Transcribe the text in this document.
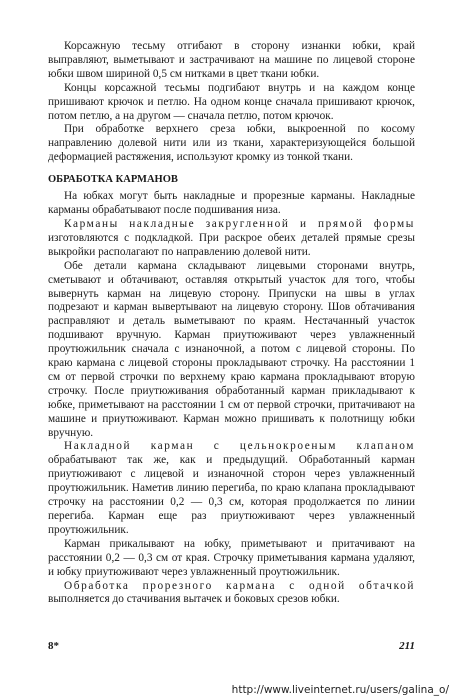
Корсажную тесьму отгибают в сторону изнанки юбки, край выправляют, выметывают и застрачивают на машине по лицевой стороне юбки швом шириной 0,5 см нитками в цвет ткани юбки.

Концы корсажной тесьмы подгибают внутрь и на каждом конце пришивают крючок и петлю. На одном конце сначала пришивают крючок, потом петлю, а на другом — сначала петлю, потом крючок.

При обработке верхнего среза юбки, выкроенной по косому направлению долевой нити или из ткани, характеризующейся большой деформацией растяжения, используют кромку из тонкой ткани.

ОБРАБОТКА КАРМАНОВ

На юбках могут быть накладные и прорезные карманы. Накладные карманы обрабатывают после подшивания низа.

Карманы накладные закругленной и прямой формы изготовляются с подкладкой. При раскрое обеих деталей прямые срезы выкройки располагают по направлению долевой нити.

Обе детали кармана складывают лицевыми сторонами внутрь, сметывают и обтачивают, оставляя открытый участок для того, чтобы вывернуть карман на лицевую сторону. Припуски на швы в углах подрезают и карман вывертывают на лицевую сторону. Шов обтачивания расправляют и деталь выметывают по краям. Нестачанный участок подшивают вручную. Карман приутюживают через увлажненный проутюжильник сначала с изнаночной, а потом с лицевой стороны. По краю кармана с лицевой стороны прокладывают строчку. На расстоянии 1 см от первой строчки по верхнему краю кармана прокладывают вторую строчку. После приутюживания обработанный карман прикладывают к юбке, приметывают на расстоянии 1 см от первой строчки, притачивают на машине и приутюживают. Карман можно пришивать к полотнищу юбки вручную.

Накладной карман с цельнокроеным клапаном обрабатывают так же, как и предыдущий. Обработанный карман приутюживают с лицевой и изнаночной сторон через увлажненный проутюжильник. Наметив линию перегиба, по краю клапана прокладывают строчку на расстоянии 0,2 — 0,3 см, которая продолжается по линии перегиба. Карман еще раз приутюживают через увлажненный проутюжильник.

Карман прикалывают на юбку, приметывают и притачивают на расстоянии 0,2 — 0,3 см от края. Строчку приметывания кармана удаляют, и юбку приутюживают через увлажненный проутюжильник.

Обработка прорезного кармана с одной обтачкой выполняется до стачивания вытачек и боковых срезов юбки.

8*	211
http://www.liveinternet.ru/users/galina_o/
